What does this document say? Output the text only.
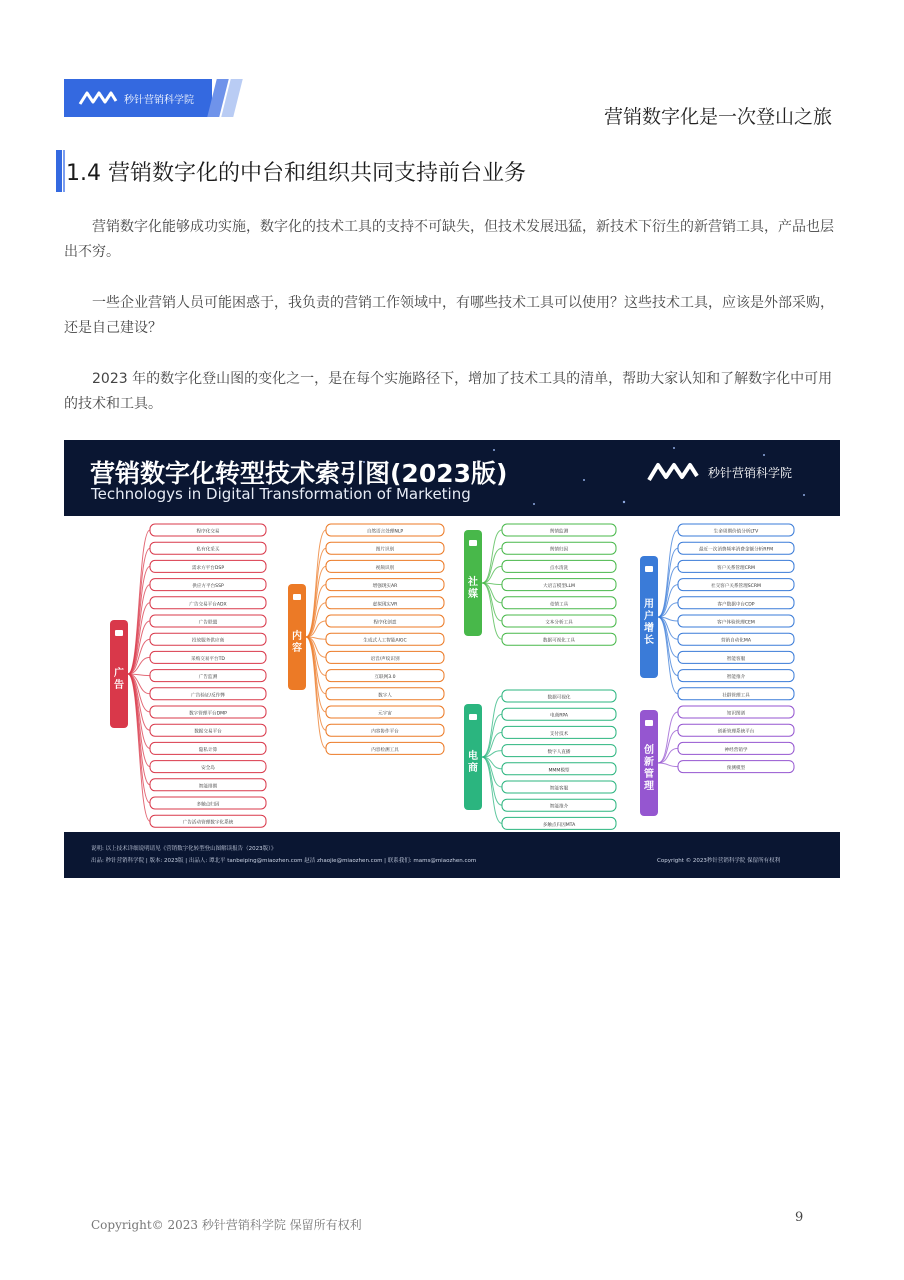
秒针营销科学院
营销数字化是一次登山之旅
1.4 营销数字化的中台和组织共同支持前台业务

营销数字化能够成功实施，数字化的技术工具的支持不可缺失，但技术发展迅猛，新技术下衍生的新营销工具，产品也层出不穷。

一些企业营销人员可能困惑于，我负责的营销工作领域中，有哪些技术工具可以使用？这些技术工具，应该是外部采购，还是自己建设？

2023 年的数字化登山图的变化之一，是在每个实施路径下，增加了技术工具的清单，帮助大家认知和了解数字化中可用的技术和工具。

营销数字化转型技术索引图(2023版)
Technologys in Digital Transformation of Marketing
秒针营销科学院
程序化交易
私有化采买
需求方平台DSP
供应方平台SSP
广告交易平台ADX
广告联盟
投放服务供应商
采购交易平台TD
广告监测
广告验证/反作弊
数字管理平台DMP
数据交易平台
隐私计算
安全岛
智能排期
多触点归因
广告活动管理数字化系统
广
告
自然语言处理NLP
图片识别
视频识别
增强现实AR
虚拟现实VR
程序化创意
生成式人工智能AIGC
语音/声纹识别
互联网3.0
数字人
元宇宙
内容协作平台
内容检测工具
内
容
舆情监测
舆情归因
点水清洗
大语言模型LLM
竞情工具
文本分析工具
数据可视化工具
社
媒
数据可视化
电商RPA
支付技术
数字人直播
MMM模型
智能客服
智能推介
多触点归因MTA
电
商
生命周期价值分析LTV
最近一次消费频率消费金额分析RFM
客户关系管理CRM
社交客户关系管理SCRM
客户数据中台CDP
客户体验管理CEM
营销自动化MA
智能客服
智能推介
社群管理工具
用
户
增
长
知识图谱
创新管理系统平台
神经营销学
预测模型
创
新
管
理
说明: 以上技术详细说明请见《营销数字化转型登山图解读报告（2023版）》
出品: 秒针营销科学院 | 版本: 2023版 | 出品人: 谭北平 tanbeiping@miaozhen.com 赵洁 zhaojie@miaozhen.com | 联系我们: mams@miaozhen.com	Copyright © 2023秒针营销科学院 保留所有权利
Copyright© 2023 秒针营销科学院 保留所有权利	9
